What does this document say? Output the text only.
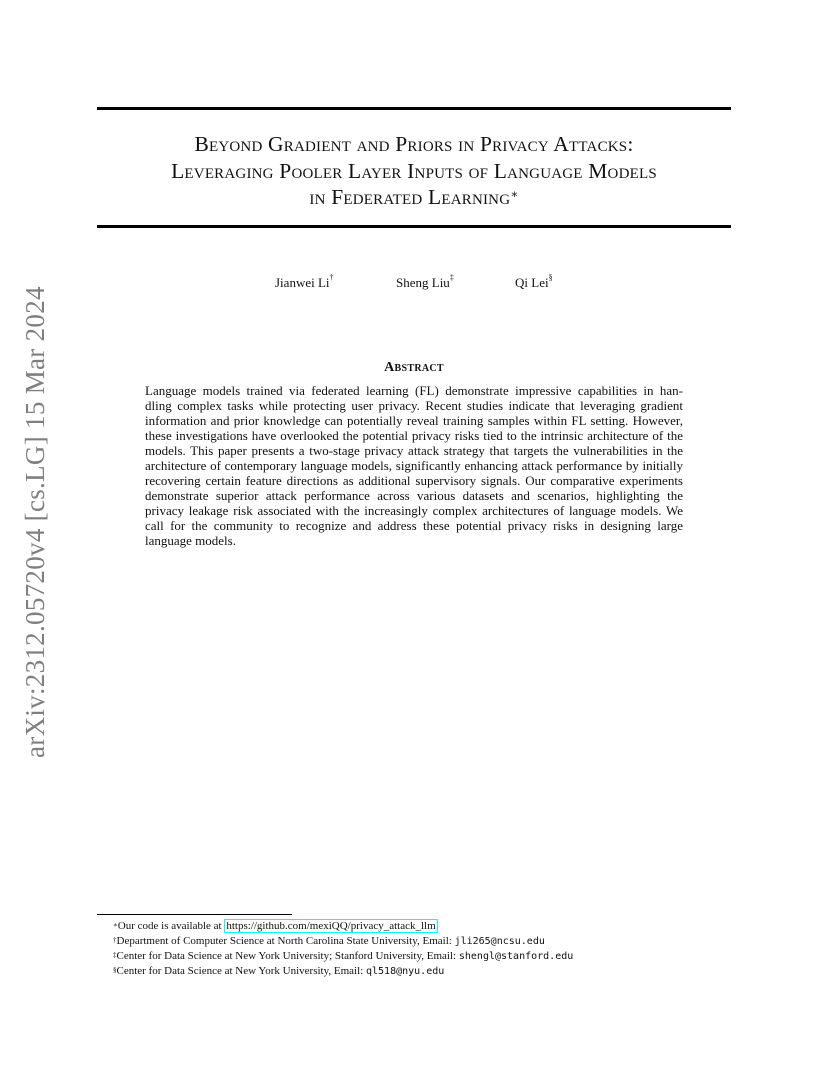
arXiv:2312.05720v4 [cs.LG] 15 Mar 2024
Beyond Gradient and Priors in Privacy Attacks:
Leveraging Pooler Layer Inputs of Language Models
in Federated Learning∗
Jianwei Li†	Sheng Liu‡	Qi Lei§
Abstract
Language models trained via federated learning (FL) demonstrate impressive capabilities in han-
dling complex tasks while protecting user privacy. Recent studies indicate that leveraging gradient
information and prior knowledge can potentially reveal training samples within FL setting. However,
these investigations have overlooked the potential privacy risks tied to the intrinsic architecture of the
models. This paper presents a two-stage privacy attack strategy that targets the vulnerabilities in the
architecture of contemporary language models, significantly enhancing attack performance by initially
recovering certain feature directions as additional supervisory signals. Our comparative experiments
demonstrate superior attack performance across various datasets and scenarios, highlighting the
privacy leakage risk associated with the increasingly complex architectures of language models. We
call for the community to recognize and address these potential privacy risks in designing large
language models.
∗Our code is available at https://github.com/mexiQQ/privacy_attack_llm
†Department of Computer Science at North Carolina State University, Email: jli265@ncsu.edu
‡Center for Data Science at New York University; Stanford University, Email: shengl@stanford.edu
§Center for Data Science at New York University, Email: ql518@nyu.edu
